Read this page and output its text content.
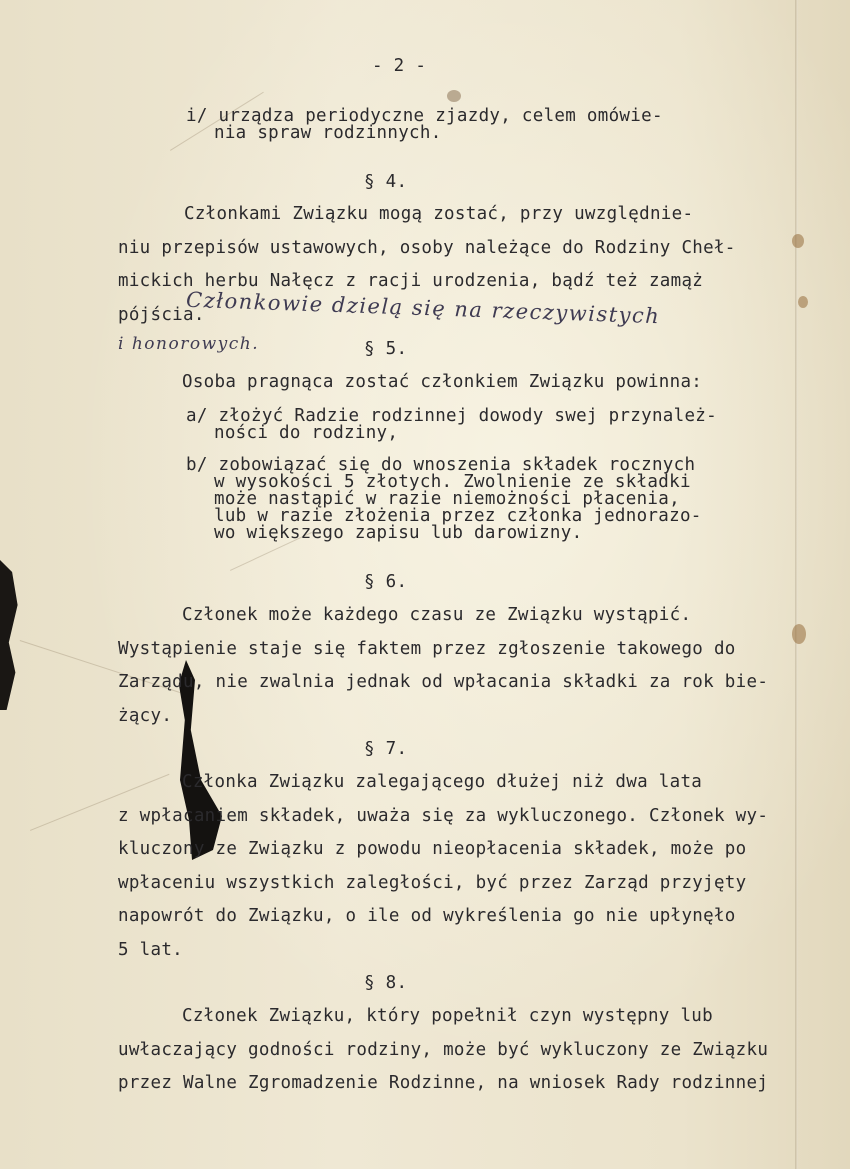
- 2 -
i/ urządza periodyczne zjazdy, celem omówie-
nia spraw rodzinnych.
§ 4.
Członkami Związku mogą zostać, przy uwzględnie-
niu przepisów ustawowych, osoby należące do Rodziny Cheł-
mickich herbu Nałęcz z racji urodzenia, bądź też zamąż
pójścia.
Członkowie dzielą się na rzeczywistych
i honorowych.	§ 5.
Osoba pragnąca zostać członkiem Związku powinna:
a/ złożyć Radzie rodzinnej dowody swej przynależ-
ności do rodziny,
b/ zobowiązać się do wnoszenia składek rocznych
w wysokości 5 złotych. Zwolnienie ze składki
może nastąpić w razie niemożności płacenia,
lub w razie złożenia przez członka jednorazo-
wo większego zapisu lub darowizny.
§ 6.
Członek może każdego czasu ze Związku wystąpić.
Wystąpienie staje się faktem przez zgłoszenie takowego do
Zarządu, nie zwalnia jednak od wpłacania składki za rok bie-
żący.
§ 7.
Członka Związku zalegającego dłużej niż dwa lata
z wpłacaniem składek, uważa się za wykluczonego. Członek wy-
kluczony ze Związku z powodu nieopłacenia składek, może po
wpłaceniu wszystkich zaległości, być przez Zarząd przyjęty
napowrót do Związku, o ile od wykreślenia go nie upłynęło
5 lat.
§ 8.
Członek Związku, który popełnił czyn występny lub
uwłaczający godności rodziny, może być wykluczony ze Związku
przez Walne Zgromadzenie Rodzinne, na wniosek Rady rodzinnej
